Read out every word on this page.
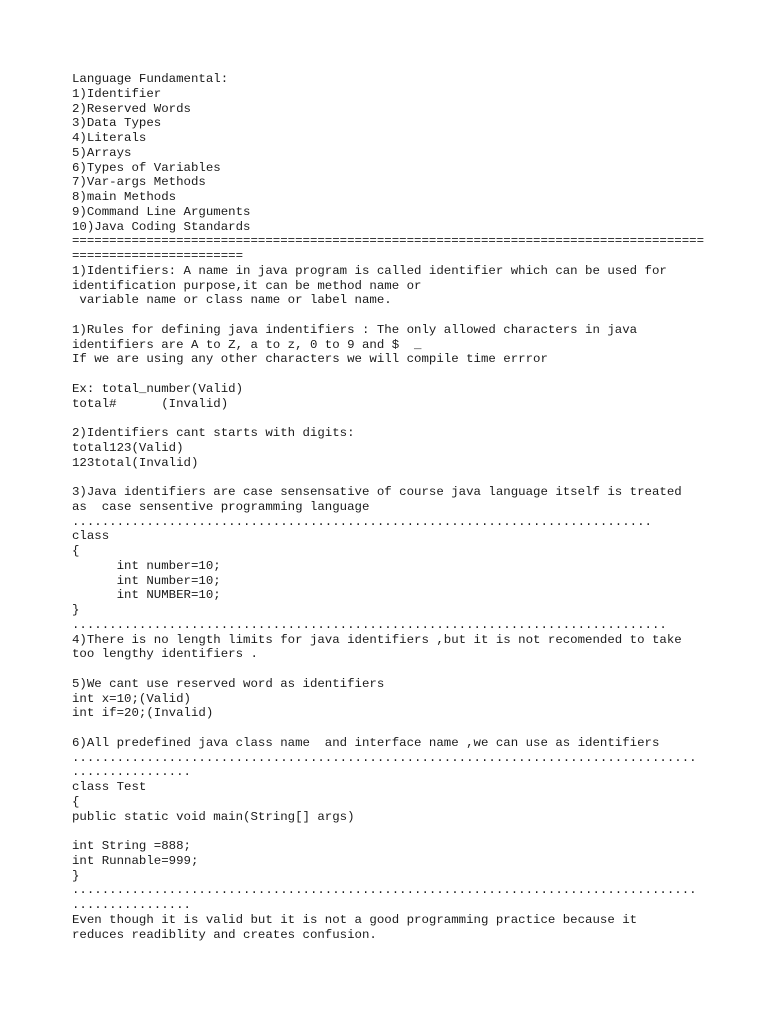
Language Fundamental:
1)Identifier
2)Reserved Words
3)Data Types
4)Literals
5)Arrays
6)Types of Variables
7)Var-args Methods
8)main Methods
9)Command Line Arguments
10)Java Coding Standards
=====================================================================================
=======================
1)Identifiers: A name in java program is called identifier which can be used for
identification purpose,it can be method name or
variable name or class name or label name.

1)Rules for defining java indentifiers : The only allowed characters in java
identifiers are A to Z, a to z, 0 to 9 and $  _
If we are using any other characters we will compile time errror

Ex: total_number(Valid)
total#      (Invalid)

2)Identifiers cant starts with digits:
total123(Valid)
123total(Invalid)

3)Java identifiers are case sensensative of course java language itself is treated
as  case sensentive programming language
..............................................................................
class
{
int number=10;
int Number=10;
int NUMBER=10;
}
................................................................................
4)There is no length limits for java identifiers ,but it is not recomended to take
too lengthy identifiers .

5)We cant use reserved word as identifiers
int x=10;(Valid)
int if=20;(Invalid)

6)All predefined java class name  and interface name ,we can use as identifiers
....................................................................................
................
class Test
{
public static void main(String[] args)

int String =888;
int Runnable=999;
}
....................................................................................
................
Even though it is valid but it is not a good programming practice because it
reduces readiblity and creates confusion.
